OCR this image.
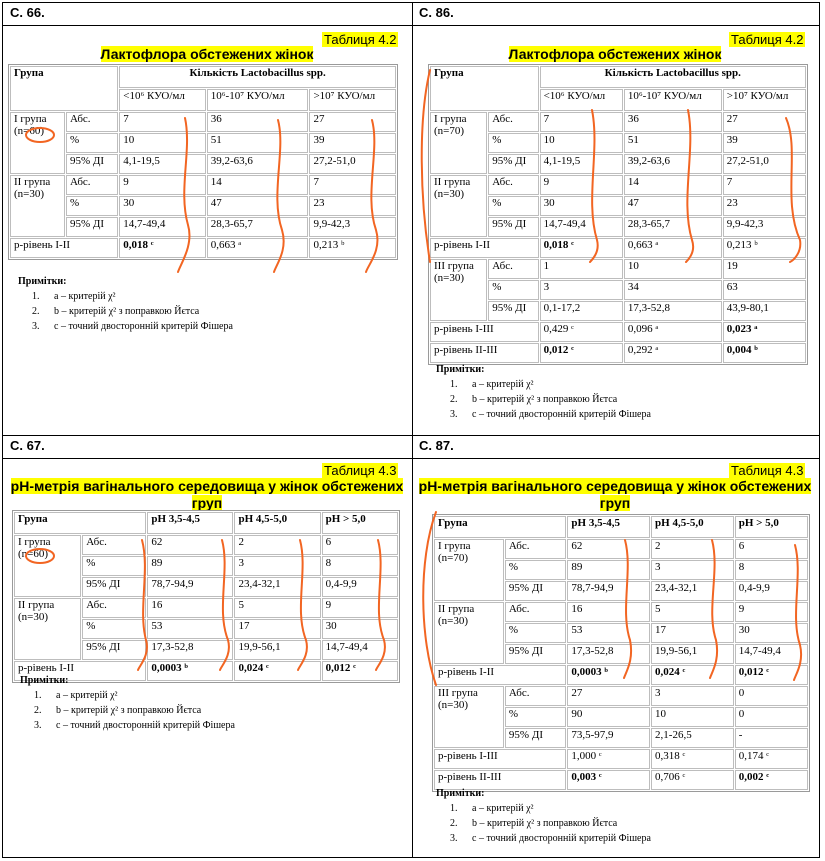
С. 66.
Таблиця 4.2
Лактофлора обстежених жінок
Група		Кількість Lactobacillus spp.		
		<10⁶ КУО/мл	10⁶-10⁷ КУО/мл	>10⁷ КУО/мл

І група
(n=60)	Абс.	7	36	27
	%	10	51	39
	95% ДІ	4,1-19,5	39,2-63,6	27,2-51,0

ІІ група
(n=30)	Абс.	9	14	7
	%	30	47	23
	95% ДІ	14,7-49,4	28,3-65,7	9,9-42,3
р-рівень І-ІІ		0,018 ᶜ	0,663 ᵃ	0,213 ᵇ
Примітки:
1. а – критерій χ²
2. b – критерій χ² з поправкою Йєтса
3. c – точний двосторонній критерій Фішера
С. 86.
Таблиця 4.2
Лактофлора обстежених жінок
Група		Кількість Lactobacillus spp.		
		<10⁶ КУО/мл	10⁶-10⁷ КУО/мл	>10⁷ КУО/мл

І група
(n=70)	Абс.	7	36	27
	%	10	51	39
	95% ДІ	4,1-19,5	39,2-63,6	27,2-51,0

ІІ група
(n=30)	Абс.	9	14	7
	%	30	47	23
	95% ДІ	14,7-49,4	28,3-65,7	9,9-42,3
р-рівень І-ІІ		0,018 ᶜ	0,663 ᵃ	0,213 ᵇ

ІІІ група
(n=30)	Абс.	1	10	19
	%	3	34	63
	95% ДІ	0,1-17,2	17,3-52,8	43,9-80,1
р-рівень І-ІІІ		0,429 ᶜ	0,096 ᵃ	0,023 ᵃ
р-рівень ІІ-ІІІ		0,012 ᶜ	0,292 ᵃ	0,004 ᵇ
Примітки:
1. а – критерій χ²
2. b – критерій χ² з поправкою Йєтса
3. c – точний двосторонній критерій Фішера
С. 67.
Таблиця 4.3
pH-метрія вагінального середовища у жінок обстежених груп
Група		pH 3,5-4,5	pH 4,5-5,0	pH > 5,0

І група
(n=60)	Абс.	62	2	6
	%	89	3	8
	95% ДІ	78,7-94,9	23,4-32,1	0,4-9,9

ІІ група
(n=30)	Абс.	16	5	9
	%	53	17	30
	95% ДІ	17,3-52,8	19,9-56,1	14,7-49,4
р-рівень І-ІІ		0,0003 ᵇ	0,024 ᶜ	0,012 ᶜ
Примітки:
1. а – критерій χ²
2. b – критерій χ² з поправкою Йєтса
3. c – точний двосторонній критерій Фішера
С. 87.
Таблиця 4.3
pH-метрія вагінального середовища у жінок обстежених груп
Група		pH 3,5-4,5	pH 4,5-5,0	pH > 5,0

І група
(n=70)	Абс.	62	2	6
	%	89	3	8
	95% ДІ	78,7-94,9	23,4-32,1	0,4-9,9

ІІ група
(n=30)	Абс.	16	5	9
	%	53	17	30
	95% ДІ	17,3-52,8	19,9-56,1	14,7-49,4
р-рівень І-ІІ		0,0003 ᵇ	0,024 ᶜ	0,012 ᶜ

ІІІ група
(n=30)	Абс.	27	3	0
	%	90	10	0
	95% ДІ	73,5-97,9	2,1-26,5	-
р-рівень І-ІІІ		1,000 ᶜ	0,318 ᶜ	0,174 ᶜ
р-рівень ІІ-ІІІ		0,003 ᶜ	0,706 ᶜ	0,002 ᶜ
Примітки:
1. а – критерій χ²
2. b – критерій χ² з поправкою Йєтса
3. c – точний двосторонній критерій Фішера
